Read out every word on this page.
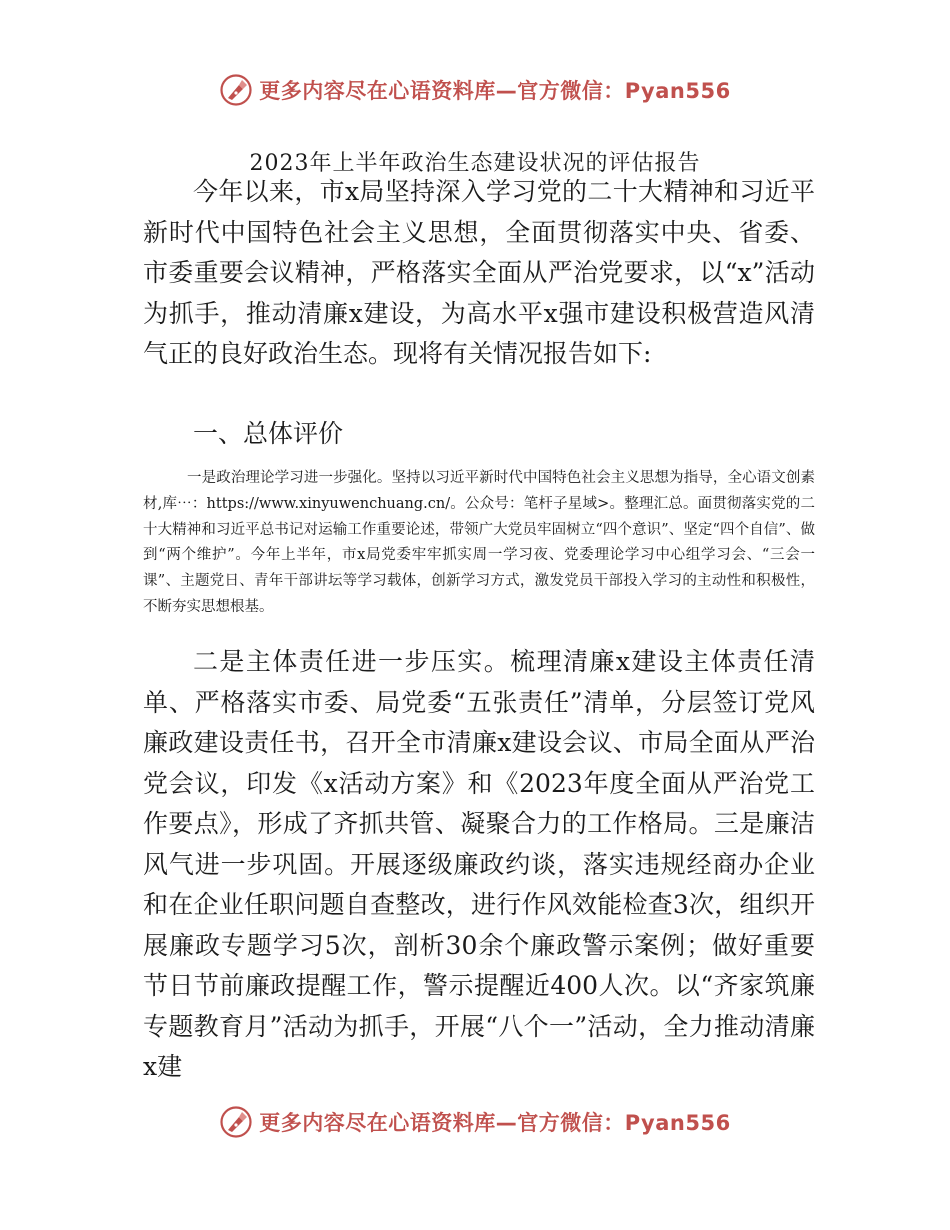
更多内容尽在心语资料库—官方微信：Pyan556
2023年上半年政治生态建设状况的评估报告

今年以来，市x局坚持深入学习党的二十大精神和习近平新时代中国特色社会主义思想，全面贯彻落实中央、省委、市委重要会议精神，严格落实全面从严治党要求，以“x”活动为抓手，推动清廉x建设，为高水平x强市建设积极营造风清气正的良好政治生态。现将有关情况报告如下:

一、总体评价

一是政治理论学习进一步强化。坚持以习近平新时代中国特色社会主义思想为指导，全心语文创素材,库⋯：https://www.xinyuwenchuang.cn/。公众号：笔杆子星域>。整理汇总。面贯彻落实党的二十大精神和习近平总书记对运输工作重要论述，带领广大党员牢固树立“四个意识”、坚定“四个自信”、做到“两个维护”。今年上半年，市x局党委牢牢抓实周一学习夜、党委理论学习中心组学习会、“三会一课”、主题党日、青年干部讲坛等学习载体，创新学习方式，激发党员干部投入学习的主动性和积极性，不断夯实思想根基。

二是主体责任进一步压实。梳理清廉x建设主体责任清单、严格落实市委、局党委“五张责任”清单，分层签订党风廉政建设责任书，召开全市清廉x建设会议、市局全面从严治党会议，印发《x活动方案》和《2023年度全面从严治党工作要点》，形成了齐抓共管、凝聚合力的工作格局。三是廉洁风气进一步巩固。开展逐级廉政约谈，落实违规经商办企业和在企业任职问题自查整改，进行作风效能检查3次，组织开展廉政专题学习5次，剖析30余个廉政警示案例；做好重要节日节前廉政提醒工作，警示提醒近400人次。以“齐家筑廉专题教育月”活动为抓手，开展“八个一”活动，全力推动清廉x建

更多内容尽在心语资料库—官方微信：Pyan556
